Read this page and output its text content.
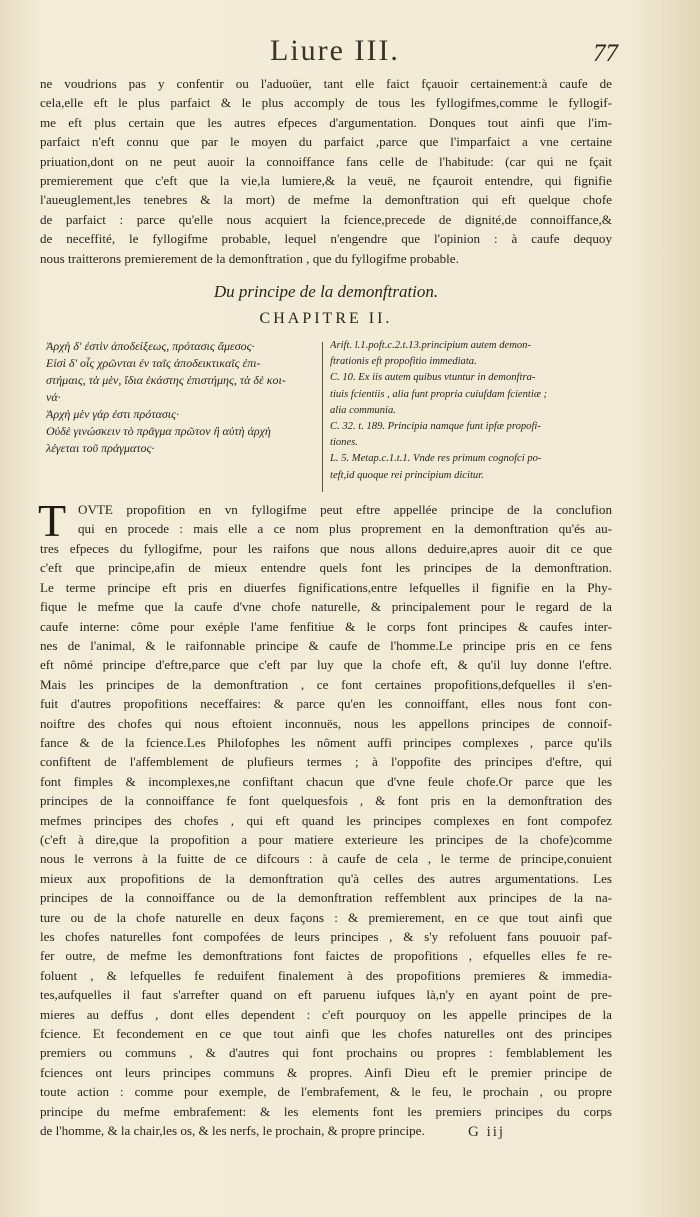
Liure III.	77
ne voudrions pas y confentir ou l'aduoüer, tant elle faict fçauoir certainement:à caufe de
cela,elle eft le plus parfaict & le plus accomply de tous les fyllogifmes,comme le fyllogif-
me eft plus certain que les autres efpeces d'argumentation. Donques tout ainfi que l'im-
parfaict n'eft connu que par le moyen du parfaict ,parce que l'imparfaict a vne certaine
priuation,dont on ne peut auoir la connoiffance fans celle de l'habitude: (car qui ne fçait
premierement que c'eft que la vie,la lumiere,& la veuë, ne fçauroit entendre, qui fignifie
l'aueuglement,les tenebres & la mort) de mefme la demonftration qui eft quelque chofe
de parfaict : parce qu'elle nous acquiert la fcience,precede de dignité,de connoiffance,&
de neceffité, le fyllogifme probable, lequel n'engendre que l'opinion : à caufe dequoy
nous traitterons premierement de la demonftration , que du fyllogifme probable.
Du principe de la demonftration.
CHAPITRE II.
Ἀρχὴ δ' ἐστὶν ἀποδείξεως, πρότασις ἄμεσος·
Εἰσὶ δ' οἷς χρῶνται ἐν ταῖς ἀποδεικτικαῖς ἐπι-
στήμαις, τὰ μὲν, ἴδια ἑκάστης ἐπιστήμης, τὰ δὲ κοι-
νά·
Ἀρχὴ μὲν γάρ ἐστι πρότασις·
Οὐδὲ γινώσκειν τὸ πρᾶγμα πρῶτον ἢ αὐτὴ ἀρχὴ
λέγεται τοῦ πράγματος·
Arift. l.1.poft.c.2.t.13.principium autem demon-
ftrationis eft propofitio immediata.
C. 10. Ex iis autem quibus vtuntur in demonftra-
tiuis fcientiis , alia funt propria cuiufdam fcientiæ ;
alia communia.
C. 32. t. 189. Principia namque funt ipfæ propofi-
tiones.
L. 5. Metap.c.1.t.1. Vnde res primum cognofci po-
teft,id quoque rei principium dicitur.
T OVTE propofition en vn fyllogifme peut eftre appellée principe de la conclufion
qui en procede : mais elle a ce nom plus proprement en la demonftration qu'és au-
tres efpeces du fyllogifme, pour les raifons que nous allons deduire,apres auoir dit ce que
c'eft que principe,afin de mieux entendre quels font les principes de la demonftration.
Le terme principe eft pris en diuerfes fignifications,entre lefquelles il fignifie en la Phy-
fique le mefme que la caufe d'vne chofe naturelle, & principalement pour le regard de la
caufe interne: côme pour exéple l'ame fenfitiue & le corps font principes & caufes inter-
nes de l'animal, & le raifonnable principe & caufe de l'homme.Le principe pris en ce fens
eft nômé principe d'eftre,parce que c'eft par luy que la chofe eft, & qu'il luy donne l'eftre.
Mais les principes de la demonftration , ce font certaines propofitions,defquelles il s'en-
fuit d'autres propofitions neceffaires: & parce qu'en les connoiffant, elles nous font con-
noiftre des chofes qui nous eftoient inconnuës, nous les appellons principes de connoif-
fance & de la fcience.Les Philofophes les nôment auffi principes complexes , parce qu'ils
confiftent de l'affemblement de plufieurs termes ; à l'oppofite des principes d'eftre, qui
font fimples & incomplexes,ne confiftant chacun que d'vne feule chofe.Or parce que les
principes de la connoiffance fe font quelquesfois , & font pris en la demonftration des
mefmes principes des chofes , qui eft quand les principes complexes en font compofez
(c'eft à dire,que la propofition a pour matiere exterieure les principes de la chofe)comme
nous le verrons à la fuitte de ce difcours : à caufe de cela , le terme de principe,conuient
mieux aux propofitions de la demonftration qu'à celles des autres argumentations. Les
principes de la connoiffance ou de la demonftration reffemblent aux principes de la na-
ture ou de la chofe naturelle en deux façons : & premierement, en ce que tout ainfi que
les chofes naturelles font compofées de leurs principes , & s'y refoluent fans pouuoir paf-
fer outre, de mefme les demonftrations font faictes de propofitions , efquelles elles fe re-
foluent , & lefquelles fe reduifent finalement à des propofitions premieres & immedia-
tes,aufquelles il faut s'arrefter quand on eft paruenu iufques là,n'y en ayant point de pre-
mieres au deffus , dont elles dependent : c'eft pourquoy on les appelle principes de la
fcience. Et fecondement en ce que tout ainfi que les chofes naturelles ont des principes
premiers ou communs , & d'autres qui font prochains ou propres : femblablement les
fciences ont leurs principes communs & propres. Ainfi Dieu eft le premier principe de
toute action : comme pour exemple, de l'embrafement, & le feu, le prochain , ou propre
principe du mefme embrafement: & les elements font les premiers principes du corps
de l'homme, & la chair,les os, & les nerfs, le prochain, & propre principe.	G iij
